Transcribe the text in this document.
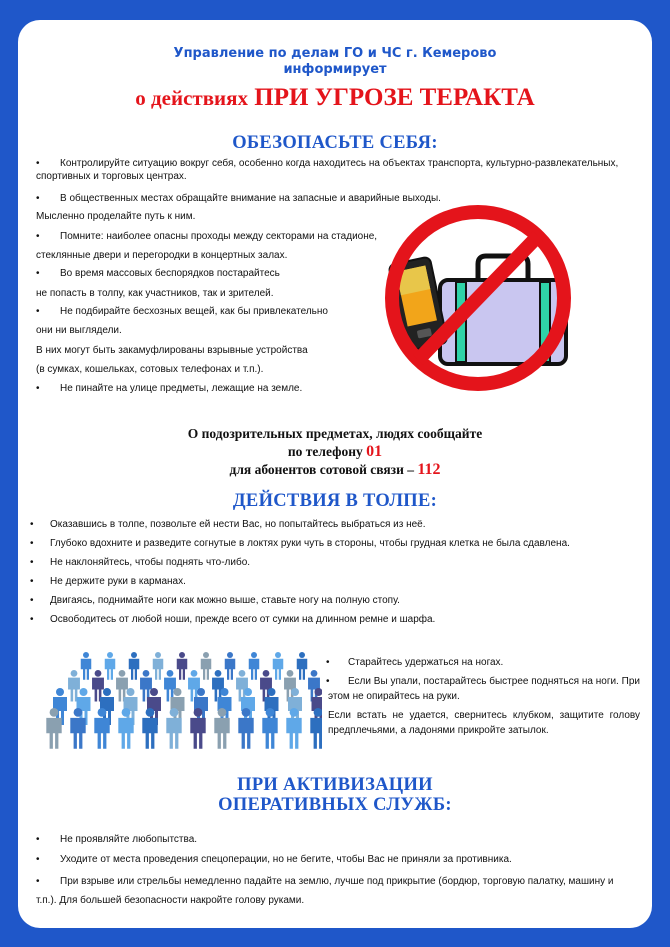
Управление по делам ГО и ЧС г. Кемерово
информирует
о действиях ПРИ УГРОЗЕ ТЕРАКТА
ОБЕЗОПАСЬТЕ СЕБЯ:
• Контролируйте ситуацию вокруг себя, особенно когда находитесь на объектах транспорта, культурно-развлекательных,
спортивных и торговых центрах.
• В общественных местах обращайте внимание на запасные и аварийные выходы.
Мысленно проделайте путь к ним.
• Помните: наиболее опасны проходы между секторами на стадионе,
стеклянные двери и перегородки в концертных залах.
• Во время массовых беспорядков постарайтесь
не попасть в толпу, как участников, так и зрителей.
• Не подбирайте бесхозных вещей, как бы привлекательно
они ни выглядели.
В них могут быть закамуфлированы взрывные устройства
(в сумках, кошельках, сотовых телефонах и т.п.).
• Не пинайте на улице предметы, лежащие на земле.
О подозрительных предметах, людях сообщайте
по телефону 01
для абонентов сотовой связи – 112
ДЕЙСТВИЯ В ТОЛПЕ:
• Оказавшись в толпе, позвольте ей нести Вас, но попытайтесь выбраться из неё.
• Глубоко вдохните и разведите согнутые в локтях руки чуть в стороны, чтобы грудная клетка не была сдавлена.
• Не наклоняйтесь, чтобы поднять что-либо.
• Не держите руки в карманах.
• Двигаясь, поднимайте ноги как можно выше, ставьте ногу на полную стопу.
• Освободитесь от любой ноши, прежде всего от сумки на длинном ремне и шарфа.
• Старайтесь удержаться на ногах.
• Если Вы упали, постарайтесь быстрее подняться на ноги. При этом не опирайтесь на руки.
Если встать не удается, свернитесь клубком, защитите голову предплечьями, а ладонями прикройте затылок.
ПРИ АКТИВИЗАЦИИ
ОПЕРАТИВНЫХ СЛУЖБ:
• Не проявляйте любопытства.
• Уходите от места проведения спецоперации, но не бегите, чтобы Вас не приняли за противника.
• При взрыве или стрельбы немедленно падайте на землю, лучше под прикрытие (бордюр, торговую палатку, машину и т.п.). Для большей безопасности накройте голову руками.
